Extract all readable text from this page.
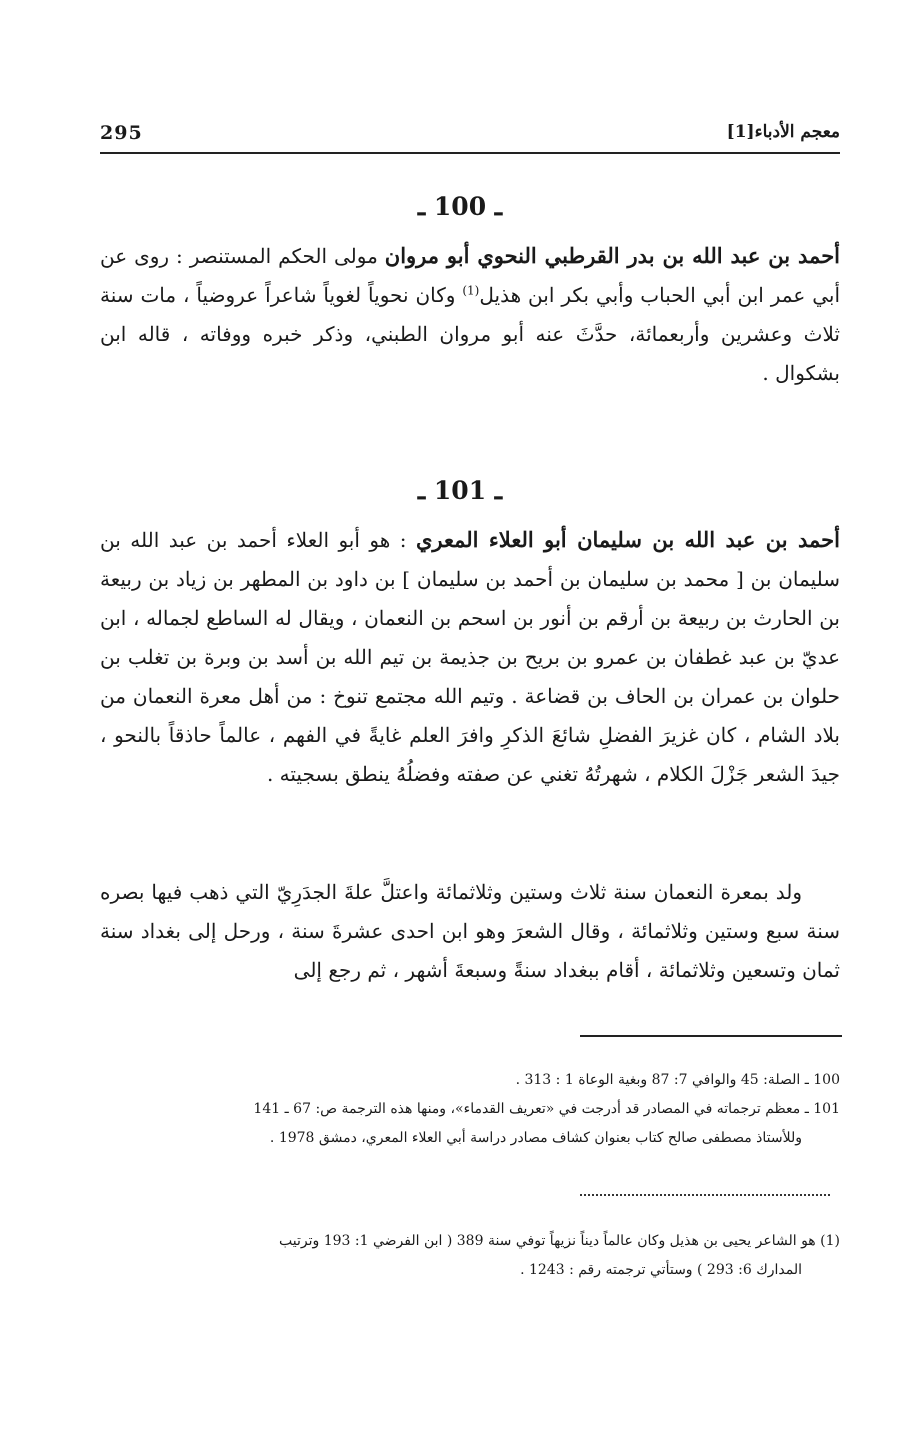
295	معجم الأدباء[1]
ـ 100 ـ
أحمد بن عبد الله بن بدر القرطبي النحوي أبو مروان مولى الحكم المستنصر : روى عن أبي عمر ابن أبي الحباب وأبي بكر ابن هذيل$^{(1)}$ وكان نحوياً لغوياً شاعراً عروضياً ، مات سنة ثلاث وعشرين وأربعمائة، حدَّثَ عنه أبو مروان الطبني، وذكر خبره ووفاته ، قاله ابن بشكوال .
ـ 101 ـ
أحمد بن عبد الله بن سليمان أبو العلاء المعري : هو أبو العلاء أحمد بن عبد الله بن سليمان بن [ محمد بن سليمان بن أحمد بن سليمان ] بن داود بن المطهر بن زياد بن ربيعة بن الحارث بن ربيعة بن أرقم بن أنور بن اسحم بن النعمان ، ويقال له الساطع لجماله ، ابن عديّ بن عبد غطفان بن عمرو بن بريح بن جذيمة بن تيم الله بن أسد بن وبرة بن تغلب بن حلوان بن عمران بن الحاف بن قضاعة . وتيم الله مجتمع تنوخ : من أهل معرة النعمان من بلاد الشام ، كان غزيرَ الفضلِ شائعَ الذكرِ وافرَ العلم غايةً في الفهم ، عالماً حاذقاً بالنحو ، جيدَ الشعر جَزْلَ الكلام ، شهرتُهُ تغني عن صفته وفضلُهُ ينطق بسجيته .
ولد بمعرة النعمان سنة ثلاث وستين وثلاثمائة واعتلَّ علةَ الجدَرِيّ التي ذهب فيها بصره سنة سبع وستين وثلاثمائة ، وقال الشعرَ وهو ابن احدى عشرةَ سنة ، ورحل إلى بغداد سنة ثمان وتسعين وثلاثمائة ، أقام ببغداد سنةً وسبعةَ أشهر ، ثم رجع إلى
100 ـ الصلة: 45 والوافي 7: 87 وبغية الوعاة 1 : 313 .
101 ـ معظم ترجماته في المصادر قد أدرجت في «تعريف القدماء»، ومنها هذه الترجمة ص: 67 ـ 141
وللأستاذ مصطفى صالح كتاب بعنوان كشاف مصادر دراسة أبي العلاء المعري، دمشق 1978 .
(1) هو الشاعر يحيى بن هذيل وكان عالماً ديناً نزيهاً توفي سنة 389 ( ابن الفرضي 1: 193 وترتيب
المدارك 6: 293 ) وستأتي ترجمته رقم : 1243 .
